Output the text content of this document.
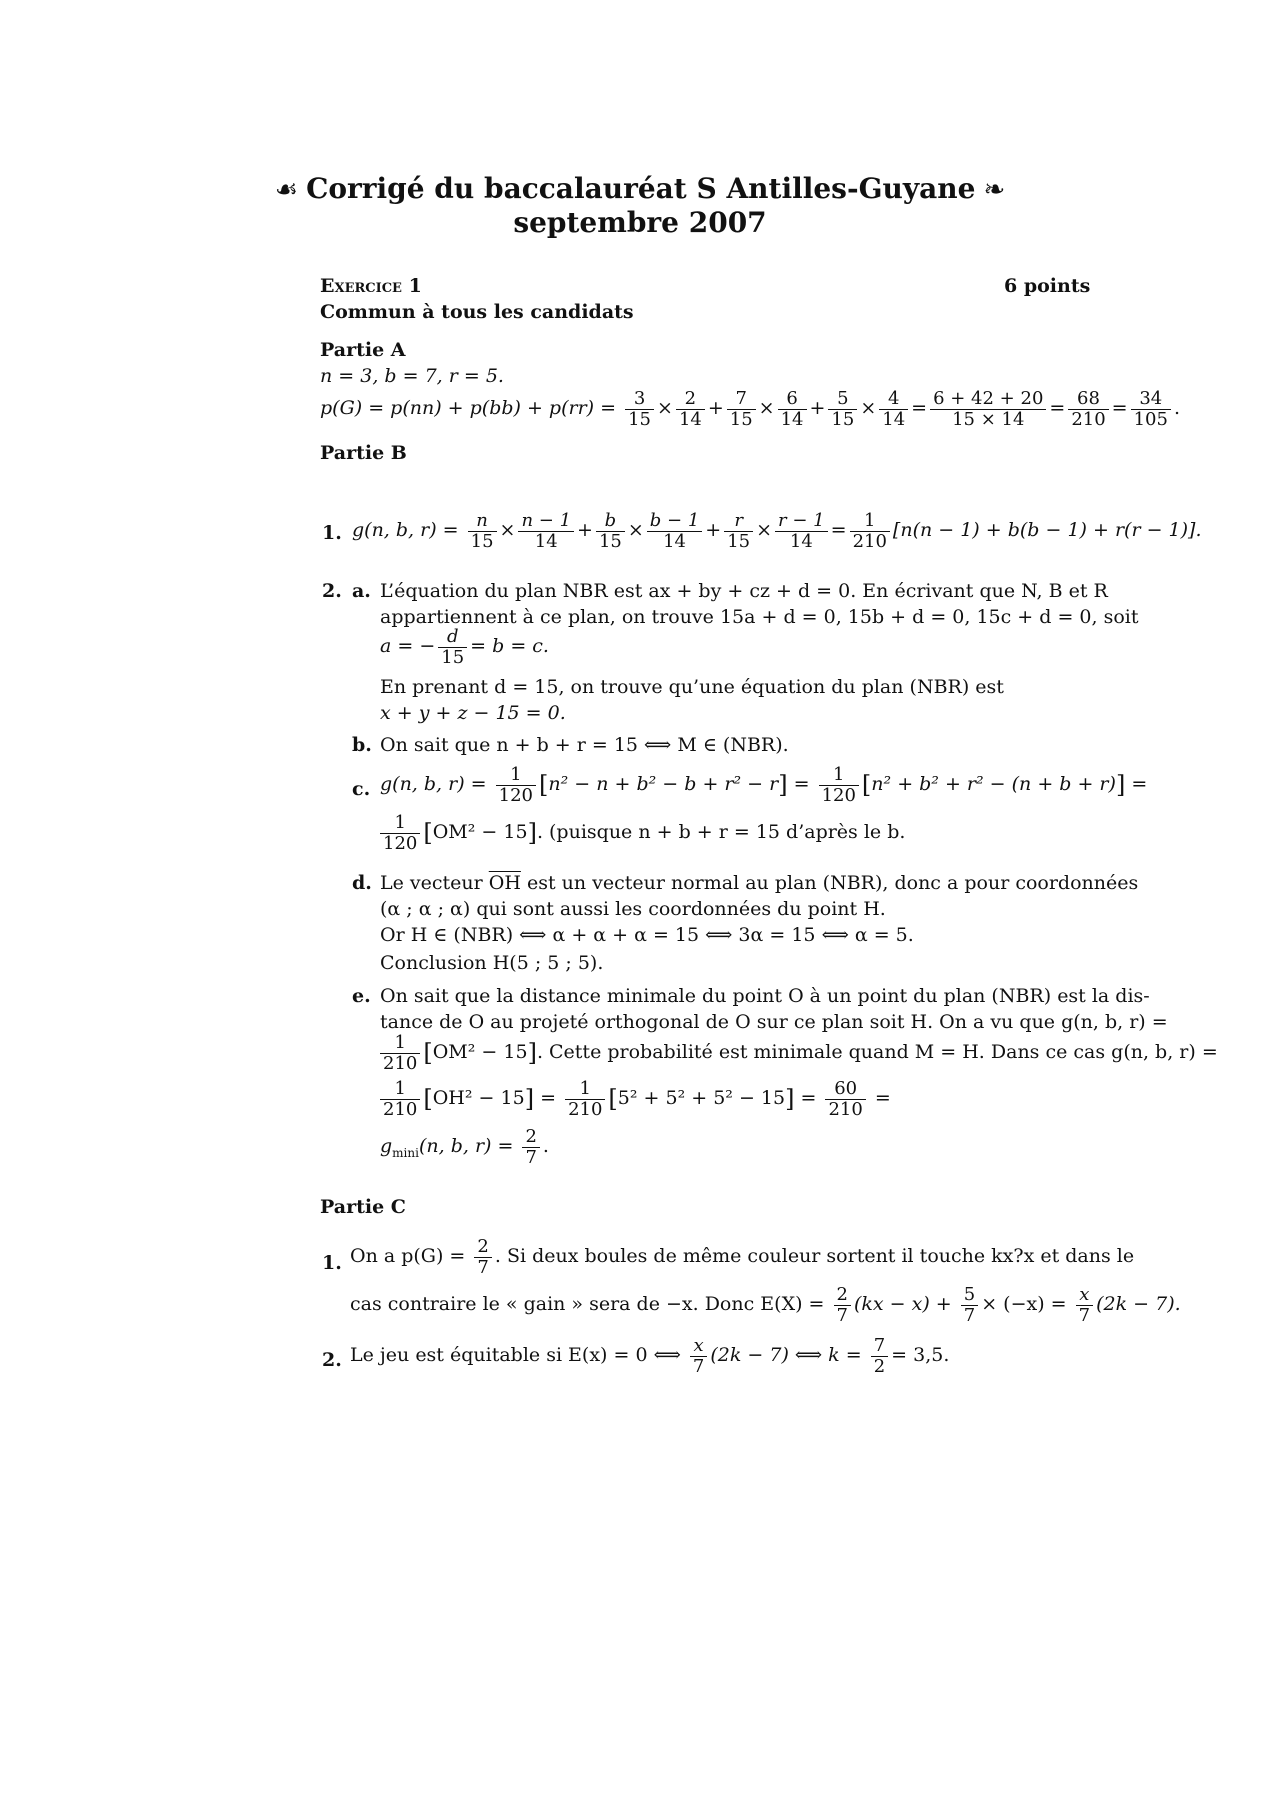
☙ Corrigé du baccalauréat S Antilles-Guyane ❧
septembre 2007
Exercice 1	6 points
Commun à tous les candidats
Partie A
n = 3, b = 7, r = 5.
$p(G) = p(nn) + p(bb) + p(rr) = \frac{3}{15} \times \frac{2}{14} + \frac{7}{15} \times \frac{6}{14} + \frac{5}{15} \times \frac{4}{14} = \frac{6 + 42 + 20}{15 \times 14} = \frac{68}{210} = \frac{34}{105}$ .
Partie B
1. g(n, b, $r) = \frac{n}{15} \times \frac{n - 1}{14} + \frac{b}{15} \times \frac{b - 1}{14} + \frac{r}{15} \times \frac{r - 1}{14} = \frac{1}{210} [n(n - 1) + b(b - 1) + r(r - 1)]$.
2. a. L’équation du plan NBR est ax + by + cz + d = 0. En écrivant que N, B et R
appartiennent à ce plan, on trouve 15a + d = 0, 15b + d = 0, 15c + d = 0, soit
a = − $\frac{d}{15} = b = c$.
En prenant d = 15, on trouve qu’une équation du plan (NBR) est
x + y + z − 15 = 0.
b. On sait que n + b + r = 15 ⟺ M ∈ (NBR).
c. g(n, b, $r) = \frac{1}{120} [n^2 - n + b^2 - b + r^2 - r] = \frac{1}{120} [n^2 + b^2 + r^2 - (n + b + r)]$ =
$\frac{1}{120} [OM^2 - 15]$. (puisque n + b + r = 15 d’après le b.
d. Le vecteur $\overline{OH}$ est un vecteur normal au plan (NBR), donc a pour coordonnées
(α ; α ; α) qui sont aussi les coordonnées du point H.
Or H ∈ (NBR) ⟺ α + α + α = 15 ⟺ 3α = 15 ⟺ α = 5.
Conclusion H(5 ; 5 ; 5).
e. On sait que la distance minimale du point O à un point du plan (NBR) est la dis-
tance de O au projeté orthogonal de O sur ce plan soit H. On a vu que g(n, b, r) =
$\frac{1}{210} [OM^2 - 15]$. Cette probabilité est minimale quand M = H. Dans ce cas g(n, b, r) =
$\frac{1}{210} [OH^2 - 15] = \frac{1}{210} [5^2 + 5^2 + 5^2 - 15] = \frac{60}{210}$ =
$g_{mini}(n$, b, $r) = \frac{2}{7}$ .
Partie C
1. On a $p(G) = \frac{2}{7}$ . Si deux boules de même couleur sortent il touche kx?x et dans le
cas contraire le « gain » sera de −x. Donc $E(X) = \frac{2}{7} (kx - x) + \frac{5}{7} \times (-x) = \frac{x}{7} (2k - 7)$.
2. Le jeu est équitable si E(x) = 0 ⟺ $\frac{x}{7} (2k - 7)$ ⟺ $k = \frac{7}{2} = 3,5$.
